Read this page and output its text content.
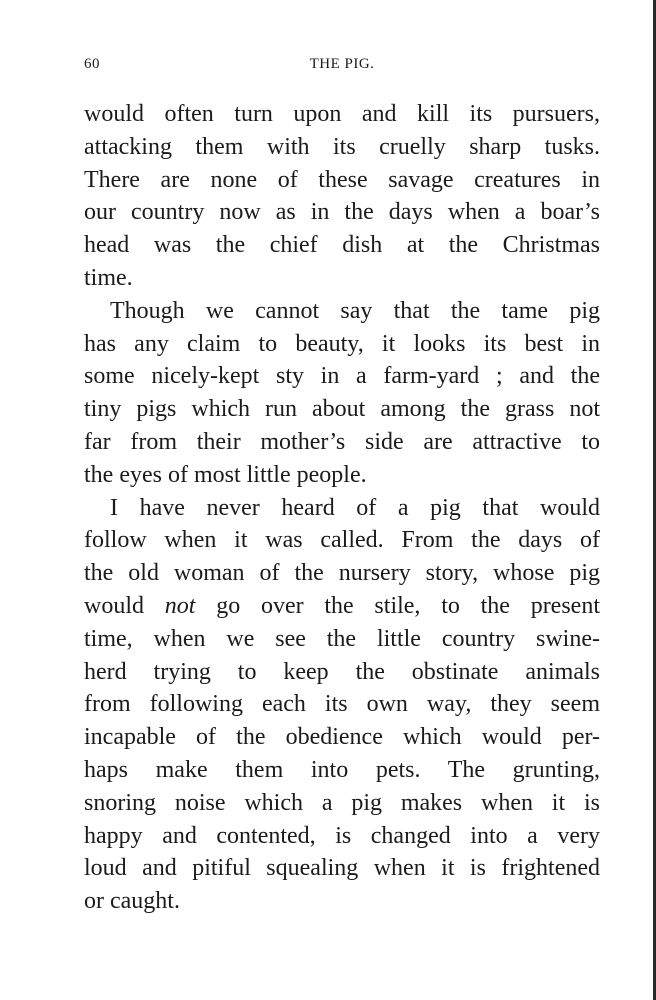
60	THE PIG.
would often turn upon and kill its pursuers,
attacking them with its cruelly sharp tusks.
There are none of these savage creatures in
our country now as in the days when a boar’s
head was the chief dish at the Christmas
time.
Though we cannot say that the tame pig
has any claim to beauty, it looks its best in
some nicely-kept sty in a farm-yard ; and the
tiny pigs which run about among the grass not
far from their mother’s side are attractive to
the eyes of most little people.
I have never heard of a pig that would
follow when it was called. From the days of
the old woman of the nursery story, whose pig
would not go over the stile, to the present
time, when we see the little country swine-
herd trying to keep the obstinate animals
from following each its own way, they seem
incapable of the obedience which would per-
haps make them into pets. The grunting,
snoring noise which a pig makes when it is
happy and contented, is changed into a very
loud and pitiful squealing when it is frightened
or caught.
